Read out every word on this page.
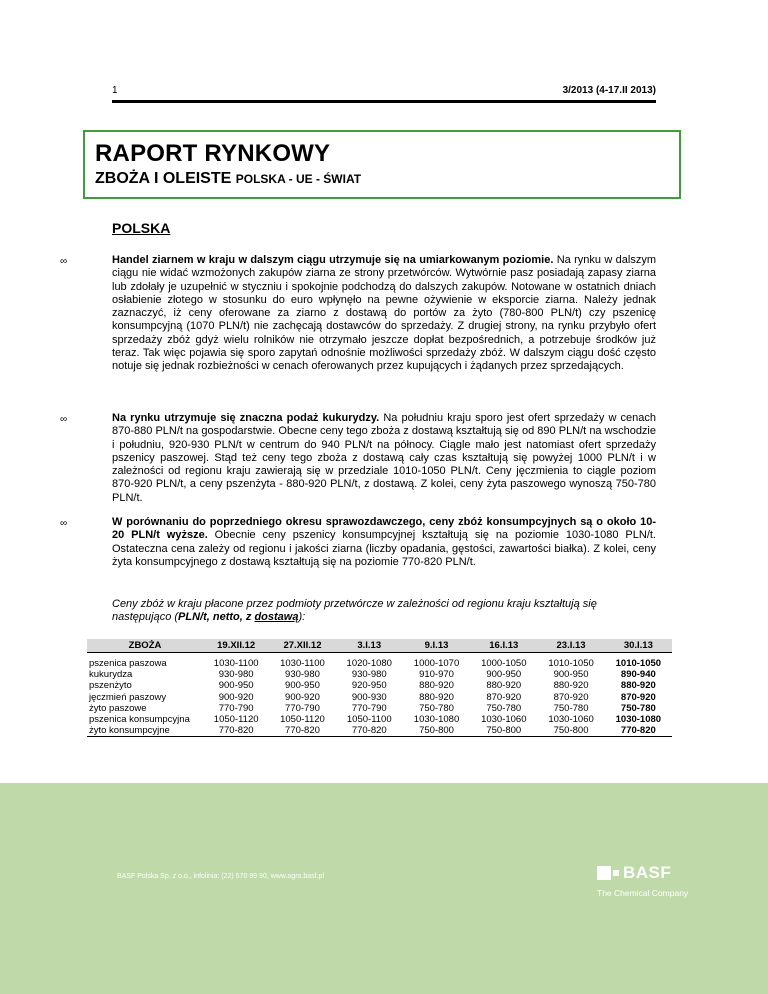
1	3/2013 (4-17.II 2013)
RAPORT RYNKOWY
ZBOŻA I OLEISTE POLSKA - UE - ŚWIAT
POLSKA
∞	Handel ziarnem w kraju w dalszym ciągu utrzymuje się na umiarkowanym poziomie. Na rynku w dalszym ciągu nie widać wzmożonych zakupów ziarna ze strony przetwórców. Wytwórnie pasz posiadają zapasy ziarna lub zdołały je uzupełnić w styczniu i spokojnie podchodzą do dalszych zakupów. Notowane w ostatnich dniach osłabienie złotego w stosunku do euro wpłynęło na pewne ożywienie w eksporcie ziarna. Należy jednak zaznaczyć, iż ceny oferowane za ziarno z dostawą do portów za żyto (780-800 PLN/t) czy pszenicę konsumpcyjną (1070 PLN/t) nie zachęcają dostawców do sprzedaży. Z drugiej strony, na rynku przybyło ofert sprzedaży zbóż gdyż wielu rolników nie otrzymało jeszcze dopłat bezpośrednich, a potrzebuje środków już teraz. Tak więc pojawia się sporo zapytań odnośnie możliwości sprzedaży zbóż. W dalszym ciągu dość często notuje się jednak rozbieżności w cenach oferowanych przez kupujących i żądanych przez sprzedających.
∞	Na rynku utrzymuje się znaczna podaż kukurydzy. Na południu kraju sporo jest ofert sprzedaży w cenach 870-880 PLN/t na gospodarstwie. Obecne ceny tego zboża z dostawą kształtują się od 890 PLN/t na wschodzie i południu, 920-930 PLN/t w centrum do 940 PLN/t na północy. Ciągle mało jest natomiast ofert sprzedaży pszenicy paszowej. Stąd też ceny tego zboża z dostawą cały czas kształtują się powyżej 1000 PLN/t i w zależności od regionu kraju zawierają się w przedziale 1010-1050 PLN/t. Ceny jęczmienia to ciągle poziom 870-920 PLN/t, a ceny pszenżyta - 880-920 PLN/t, z dostawą. Z kolei, ceny żyta paszowego wynoszą 750-780 PLN/t.
∞	W porównaniu do poprzedniego okresu sprawozdawczego, ceny zbóż konsumpcyjnych są o około 10-20 PLN/t wyższe. Obecnie ceny pszenicy konsumpcyjnej kształtują się na poziomie 1030-1080 PLN/t. Ostateczna cena zależy od regionu i jakości ziarna (liczby opadania, gęstości, zawartości białka). Z kolei, ceny żyta konsumpcyjnego z dostawą kształtują się na poziomie 770-820 PLN/t.
Ceny zbóż w kraju płacone przez podmioty przetwórcze w zależności od regionu kraju kształtują się następująco (PLN/t, netto, z dostawą):
ZBOŻA	19.XII.12	27.XII.12	3.I.13	9.I.13	16.I.13	23.I.13	30.I.13

pszenica paszowa	1030-1100	1030-1100	1020-1080	1000-1070	1000-1050	1010-1050	1010-1050
kukurydza	930-980	930-980	930-980	910-970	900-950	900-950	890-940
pszenżyto	900-950	900-950	920-950	880-920	880-920	880-920	880-920
jęczmień paszowy	900-920	900-920	900-930	880-920	870-920	870-920	870-920
żyto paszowe	770-790	770-790	770-790	750-780	750-780	750-780	750-780
pszenica konsumpcyjna	1050-1120	1050-1120	1050-1100	1030-1080	1030-1060	1030-1060	1030-1080
żyto konsumpcyjne	770-820	770-820	770-820	750-800	750-800	750-800	770-820
BASF Polska Sp. z o.o., infolinia: (22) 570 99 90, www.agro.basf.pl	BASF
The Chemical Company
